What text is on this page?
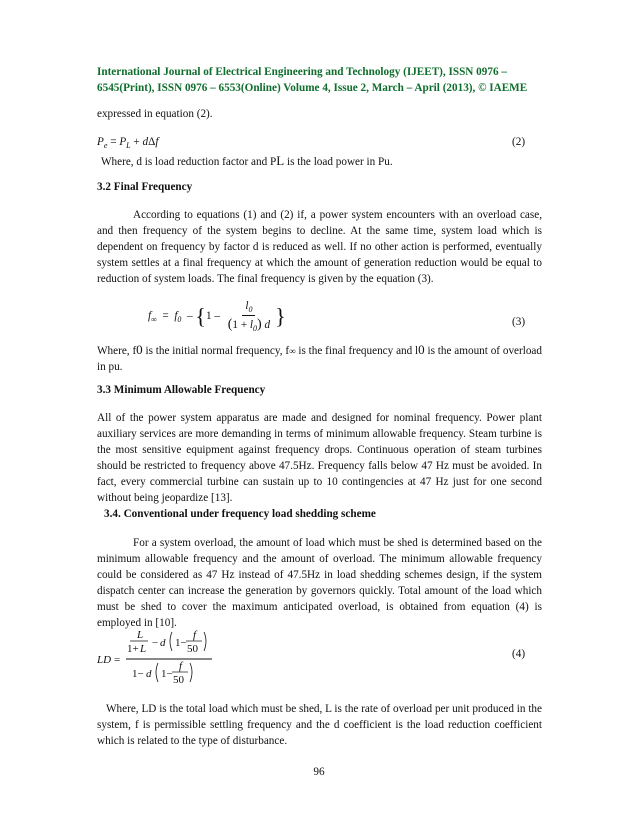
International Journal of Electrical Engineering and Technology (IJEET), ISSN 0976 –
6545(Print), ISSN 0976 – 6553(Online) Volume 4, Issue 2, March – April (2013), © IAEME

expressed in equation (2).

$P_e = P_L + d\Delta f$	(2)

Where, d is load reduction factor and PL is the load power in Pu.

3.2 Final Frequency

According to equations (1) and (2) if, a power system encounters with an overload case, and then frequency of the system begins to decline. At the same time, system load which is dependent on frequency by factor d is reduced as well. If no other action is performed, eventually system settles at a final frequency at which the amount of generation reduction would be equal to reduction of system loads. The final frequency is given by the equation (3).

$f_\infty = f_0 - \{1 - \frac{l_0}{(1 + l_0) d}$ }	(3)

Where, f0 is the initial normal frequency, f∞ is the final frequency and l0 is the amount of overload in pu.

3.3 Minimum Allowable Frequency

All of the power system apparatus are made and designed for nominal frequency. Power plant auxiliary services are more demanding in terms of minimum allowable frequency. Steam turbine is the most sensitive equipment against frequency drops. Continuous operation of steam turbines should be restricted to frequency above 47.5Hz. Frequency falls below 47 Hz must be avoided. In fact, every commercial turbine can sustain up to 10 contingencies at 47 Hz just for one second without being jeopardize [13].

3.4. Conventional under frequency load shedding scheme

For a system overload, the amount of load which must be shed is determined based on the minimum allowable frequency and the amount of overload. The minimum allowable frequency could be considered as 47 Hz instead of 47.5Hz in load shedding schemes design, if the system dispatch center can increase the generation by governors quickly. Total amount of the load which must be shed to cover the maximum anticipated overload, is obtained from equation (4) is employed in [10].

LD =
L
1+ L − d 1−
f
50
1− d 1−
f
50
(4)

Where, LD is the total load which must be shed, L is the rate of overload per unit produced in the system, f is permissible settling frequency and the d coefficient is the load reduction coefficient which is related to the type of disturbance.

96
